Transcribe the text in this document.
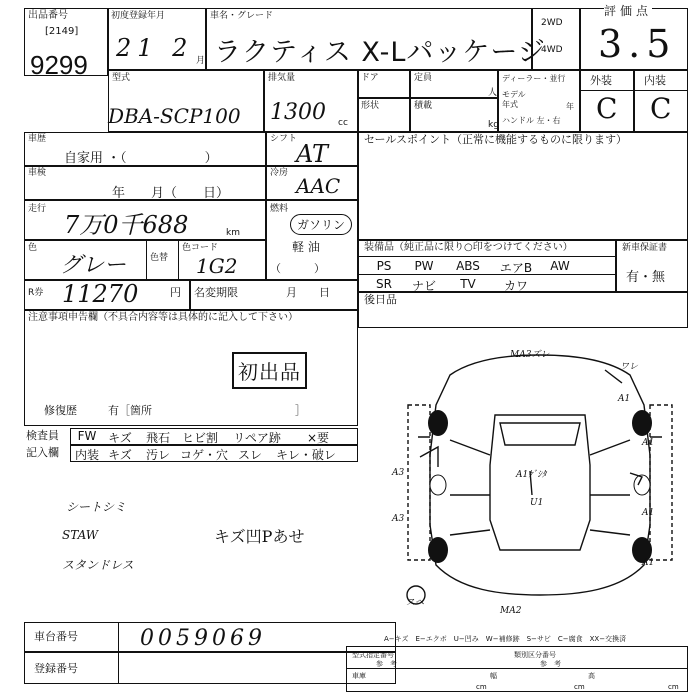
出品番号
[2149]
9299
初度登録年月
21 2 月
車名・グレード
ラクティス X-Lパッケージ
2WD
4WD
評価点
3.5
型式
DBA-SCP100
排気量
1300 cc
ドア	定員
人
形状	積載
kg
ディーラー・並行
モデル年式	年
ハンドル 左・右
外装	内装
C C
車歴
自家用 ・（　　　　　　）
車検
年　　月（　　日）
走行
7万0千688	km
色
グレー	色替
色コード
1G2
シフト
AT
冷房
AAC
燃料
ガソリン
軽 油
（　　　）
R券 11270	円 名変期限	月　　日
セールスポイント（正常に機能するものに限ります）
装備品（純正品に限り○印をつけてください）
PS	PW	ABS	エアB	AW
SR	ナビ	TV	カワ
新車保証書
有・無
後日品
注意事項申告欄（不具合内容等は具体的に記入して下さい）
初出品
修復歴	有［箇所　　　　　　　　　　　　　］
検査員
記入欄
FW キズ	飛石 ヒビ割	リペア跡	×要
内装 キズ	汚レ コゲ・穴 スレ	キレ・破レ
シートシミ
STAW
スタンドレス
キズ凹Pあせ
MA3ズレ
ワレ
A1
A1
A3
A3
A1
A1
A1ｹﾞｼﾀ
U1
スヘ
MA2
車台番号	0059069
登録番号
A−キズ　E−エクボ　U−凹み　W−補修跡　S−サビ　C−腐食　XX−交換済
型式指定番号
参　考
類別区分番号
参　考
車庫
cm
幅
cm
高
cm
